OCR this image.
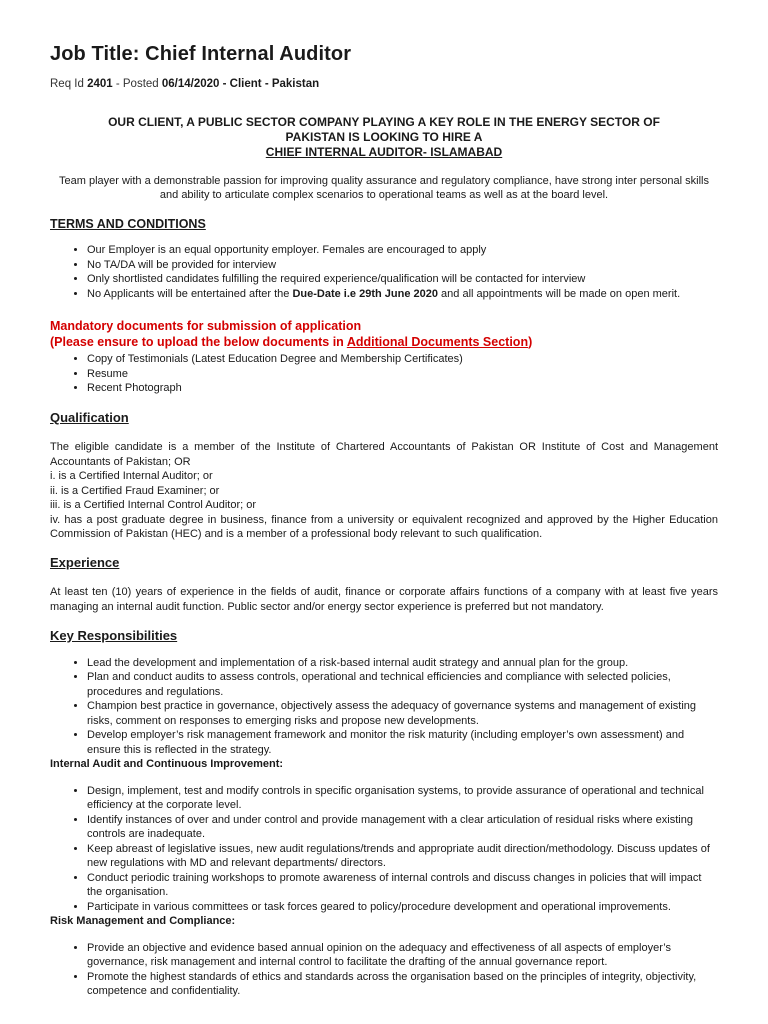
Job Title: Chief Internal Auditor
Req Id 2401 - Posted 06/14/2020 - Client - Pakistan
OUR CLIENT, A PUBLIC SECTOR COMPANY PLAYING A KEY ROLE IN THE ENERGY SECTOR OF
PAKISTAN IS LOOKING TO HIRE A
CHIEF INTERNAL AUDITOR- ISLAMABAD
Team player with a demonstrable passion for improving quality assurance and regulatory compliance, have strong inter personal skills and ability to articulate complex scenarios to operational teams as well as at the board level.
TERMS AND CONDITIONS
• Our Employer is an equal opportunity employer. Females are encouraged to apply
• No TA/DA will be provided for interview
• Only shortlisted candidates fulfilling the required experience/qualification will be contacted for interview
• No Applicants will be entertained after the Due-Date i.e 29th June 2020 and all appointments will be made on open merit.
Mandatory documents for submission of application
(Please ensure to upload the below documents in Additional Documents Section)
• Copy of Testimonials (Latest Education Degree and Membership Certificates)
• Resume
• Recent Photograph
Qualification
The eligible candidate is a member of the Institute of Chartered Accountants of Pakistan OR Institute of Cost and Management Accountants of Pakistan; OR
i. is a Certified Internal Auditor; or
ii. is a Certified Fraud Examiner; or
iii. is a Certified Internal Control Auditor; or
iv. has a post graduate degree in business, finance from a university or equivalent recognized and approved by the Higher Education Commission of Pakistan (HEC) and is a member of a professional body relevant to such qualification.
Experience
At least ten (10) years of experience in the fields of audit, finance or corporate affairs functions of a company with at least five years managing an internal audit function. Public sector and/or energy sector experience is preferred but not mandatory.
Key Responsibilities
• Lead the development and implementation of a risk-based internal audit strategy and annual plan for the group.
• Plan and conduct audits to assess controls, operational and technical efficiencies and compliance with selected policies, procedures and regulations.
• Champion best practice in governance, objectively assess the adequacy of governance systems and management of existing risks, comment on responses to emerging risks and propose new developments.
• Develop employer’s risk management framework and monitor the risk maturity (including employer’s own assessment) and ensure this is reflected in the strategy.
Internal Audit and Continuous Improvement:
• Design, implement, test and modify controls in specific organisation systems, to provide assurance of operational and technical efficiency at the corporate level.
• Identify instances of over and under control and provide management with a clear articulation of residual risks where existing controls are inadequate.
• Keep abreast of legislative issues, new audit regulations/trends and appropriate audit direction/methodology. Discuss updates of new regulations with MD and relevant departments/ directors.
• Conduct periodic training workshops to promote awareness of internal controls and discuss changes in policies that will impact the organisation.
• Participate in various committees or task forces geared to policy/procedure development and operational improvements.
Risk Management and Compliance:
• Provide an objective and evidence based annual opinion on the adequacy and effectiveness of all aspects of employer’s governance, risk management and internal control to facilitate the drafting of the annual governance report.
• Promote the highest standards of ethics and standards across the organisation based on the principles of integrity, objectivity, competence and confidentiality.
